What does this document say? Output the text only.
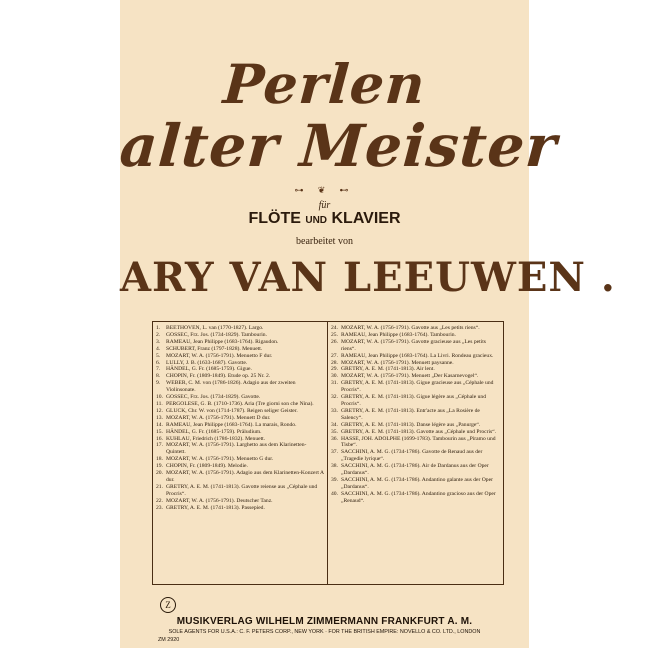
Perlen
alter Meister
⊶ ❦ ⊷
für
FLÖTE UND KLAVIER
bearbeitet von
ARY VAN LEEUWEN .
1. BEETHOVEN, L. van (1770-1827). Largo.
2. GOSSEC, Frz. Jos. (1734-1829). Tambourin.
3. RAMEAU, Jean Philippe (1683-1764). Rigaudon.
4. SCHUBERT, Franz (1797-1828). Menuett.
5. MOZART, W. A. (1756-1791). Menuetto F dur.
6. LULLY, J. B. (1633-1687). Gavotte.
7. HÄNDEL, G. Fr. (1685-1759). Gigue.
8. CHOPIN, Fr. (1809-1849). Etude op. 25 Nr. 2.
9. WEBER, C. M. von (1786-1826). Adagio aus der zweiten Violinsonate.
10. GOSSEC, Frz. Jos. (1734-1829). Gavotte.
11. PERGOLESE, G. B. (1710-1736). Aria (Tre giorni son che Nina).
12. GLUCK, Chr. W. von (1714-1787). Reigen seliger Geister.
13. MOZART, W. A. (1756-1791). Menuett D dur.
14. RAMEAU, Jean Philippe (1683-1764). La marais, Rondo.
15. HÄNDEL, G. Fr. (1685-1759). Präludium.
16. KUHLAU, Friedrich (1786-1832). Menuett.
17. MOZART, W. A. (1756-1791). Larghetto aus dem Klarinetten-Quintett.
18. MOZART, W. A. (1756-1791). Menuetto G dur.
19. CHOPIN, Fr. (1809-1849). Melodie.
20. MOZART, W. A. (1756-1791). Adagio aus dem Klarinetten-Konzert A dur.
21. GRETRY, A. E. M. (1741-1813). Gavotte reiense aus „Céphale und Procris“.
22. MOZART, W. A. (1756-1791). Deutscher Tanz.
23. GRETRY, A. E. M. (1741-1813). Passepied.
24. MOZART, W. A. (1756-1791). Gavotte aus „Les petits riens“.
25. RAMEAU, Jean Philippe (1683-1764). Tambourin.
26. MOZART, W. A. (1756-1791). Gavotte gracieuse aus „Les petits riens“.
27. RAMEAU, Jean Philippe (1683-1764). La Livri. Rondeau gracieux.
28. MOZART, W. A. (1756-1791). Menuett paysanne.
29. GRETRY, A. E. M. (1741-1813). Air lent.
30. MOZART, W. A. (1756-1791). Menuett „Der Kasarnevogel“.
31. GRETRY, A. E. M. (1741-1813). Gigue gracieuse aus „Céphale und Procris“.
32. GRETRY, A. E. M. (1741-1813). Gigue légère aus „Céphale und Procris“.
33. GRETRY, A. E. M. (1741-1813). Entr'acte aus „La Rosière de Salency“.
34. GRETRY, A. E. M. (1741-1813). Danse légère aus „Panurge“.
35. GRETRY, A. E. M. (1741-1813). Gavotte aus „Céphale und Procris“.
36. HASSE, JOH. ADOLPHE (1699-1783). Tambourin aus „Piramo und Tisbe“.
37. SACCHINI, A. M. G. (1734-1786). Gavotte de Renaud aus der „Tragedie lyrique“.
38. SACCHINI, A. M. G. (1734-1786). Air de Dardanus aus der Oper „Dardanus“.
39. SACCHINI, A. M. G. (1734-1786). Andantino galante aus der Oper „Dardanus“.
40. SACCHINI, A. M. G. (1734-1786). Andantino gracioso aus der Oper „Renaud“.
Z
MUSIKVERLAG WILHELM ZIMMERMANN FRANKFURT A. M.
SOLE AGENTS FOR U.S.A.: C. F. PETERS CORP., NEW YORK · FOR THE BRITISH EMPIRE: NOVELLO & CO. LTD., LONDON
ZM 2920
